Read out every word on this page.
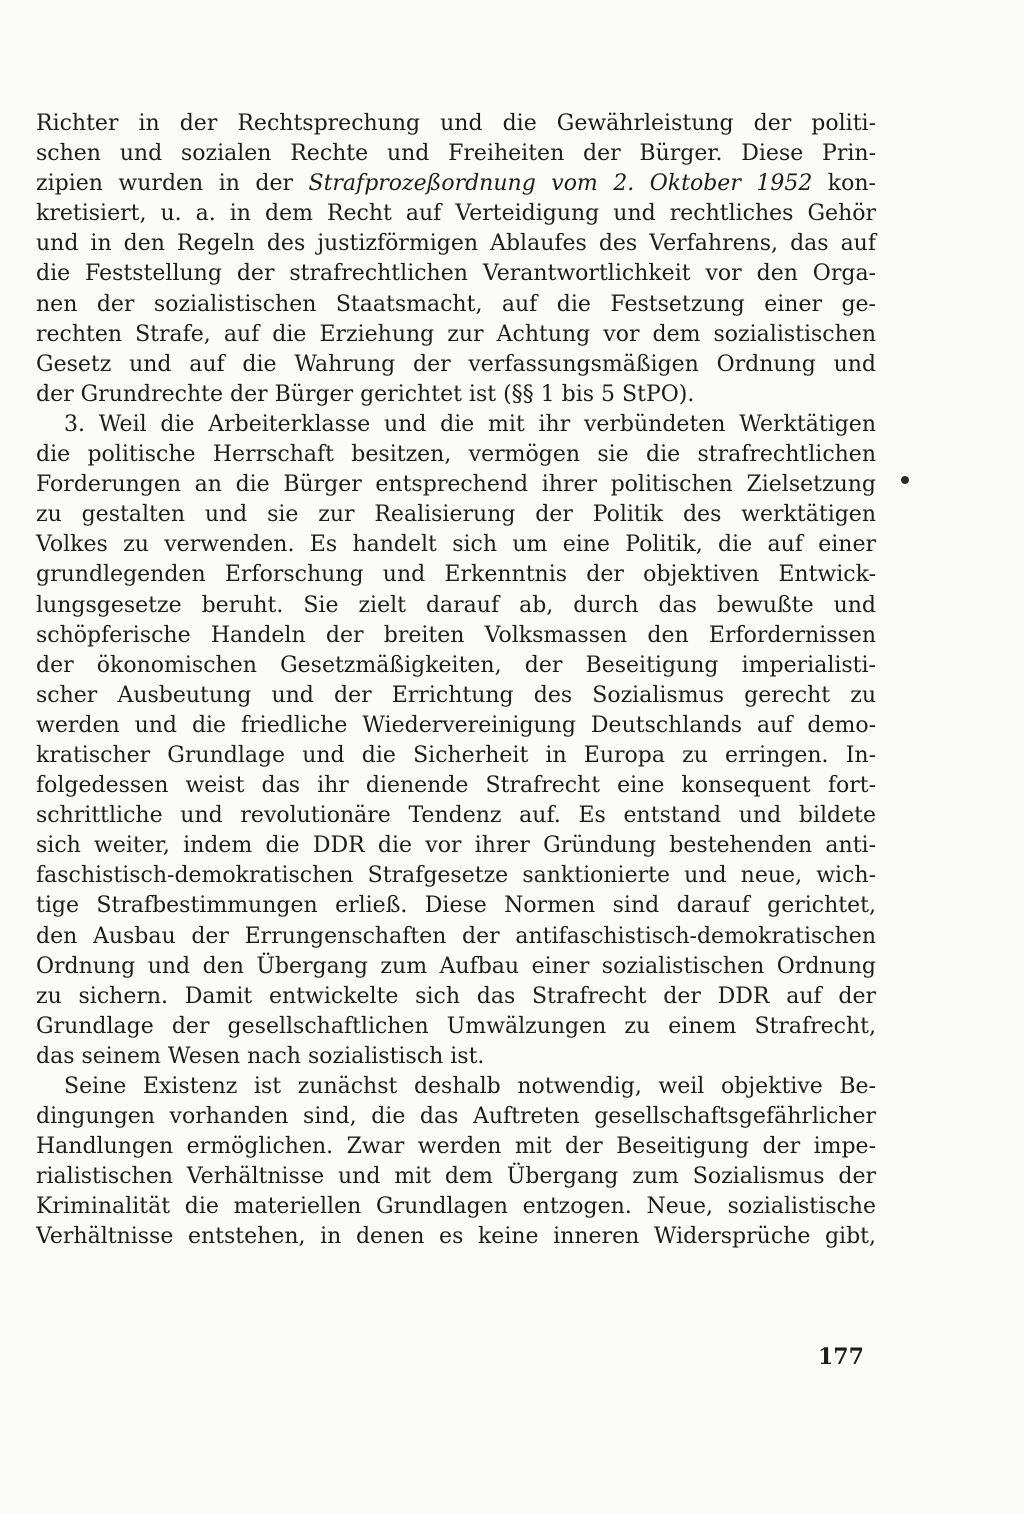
Richter in der Rechtsprechung und die Gewährleistung der politi-
schen und sozialen Rechte und Freiheiten der Bürger. Diese Prin-
zipien wurden in der Strafprozeßordnung vom 2. Oktober 1952 kon-
kretisiert, u. a. in dem Recht auf Verteidigung und rechtliches Gehör
und in den Regeln des justizförmigen Ablaufes des Verfahrens, das auf
die Feststellung der strafrechtlichen Verantwortlichkeit vor den Orga-
nen der sozialistischen Staatsmacht, auf die Festsetzung einer ge-
rechten Strafe, auf die Erziehung zur Achtung vor dem sozialistischen
Gesetz und auf die Wahrung der verfassungsmäßigen Ordnung und
der Grundrechte der Bürger gerichtet ist (§§ 1 bis 5 StPO).
3. Weil die Arbeiterklasse und die mit ihr verbündeten Werktätigen
die politische Herrschaft besitzen, vermögen sie die strafrechtlichen
Forderungen an die Bürger entsprechend ihrer politischen Zielsetzung
zu gestalten und sie zur Realisierung der Politik des werktätigen
Volkes zu verwenden. Es handelt sich um eine Politik, die auf einer
grundlegenden Erforschung und Erkenntnis der objektiven Entwick-
lungsgesetze beruht. Sie zielt darauf ab, durch das bewußte und
schöpferische Handeln der breiten Volksmassen den Erfordernissen
der ökonomischen Gesetzmäßigkeiten, der Beseitigung imperialisti-
scher Ausbeutung und der Errichtung des Sozialismus gerecht zu
werden und die friedliche Wiedervereinigung Deutschlands auf demo-
kratischer Grundlage und die Sicherheit in Europa zu erringen. In-
folgedessen weist das ihr dienende Strafrecht eine konsequent fort-
schrittliche und revolutionäre Tendenz auf. Es entstand und bildete
sich weiter, indem die DDR die vor ihrer Gründung bestehenden anti-
faschistisch-demokratischen Strafgesetze sanktionierte und neue, wich-
tige Strafbestimmungen erließ. Diese Normen sind darauf gerichtet,
den Ausbau der Errungenschaften der antifaschistisch-demokratischen
Ordnung und den Übergang zum Aufbau einer sozialistischen Ordnung
zu sichern. Damit entwickelte sich das Strafrecht der DDR auf der
Grundlage der gesellschaftlichen Umwälzungen zu einem Strafrecht,
das seinem Wesen nach sozialistisch ist.
Seine Existenz ist zunächst deshalb notwendig, weil objektive Be-
dingungen vorhanden sind, die das Auftreten gesellschaftsgefährlicher
Handlungen ermöglichen. Zwar werden mit der Beseitigung der impe-
rialistischen Verhältnisse und mit dem Übergang zum Sozialismus der
Kriminalität die materiellen Grundlagen entzogen. Neue, sozialistische
Verhältnisse entstehen, in denen es keine inneren Widersprüche gibt,
177
